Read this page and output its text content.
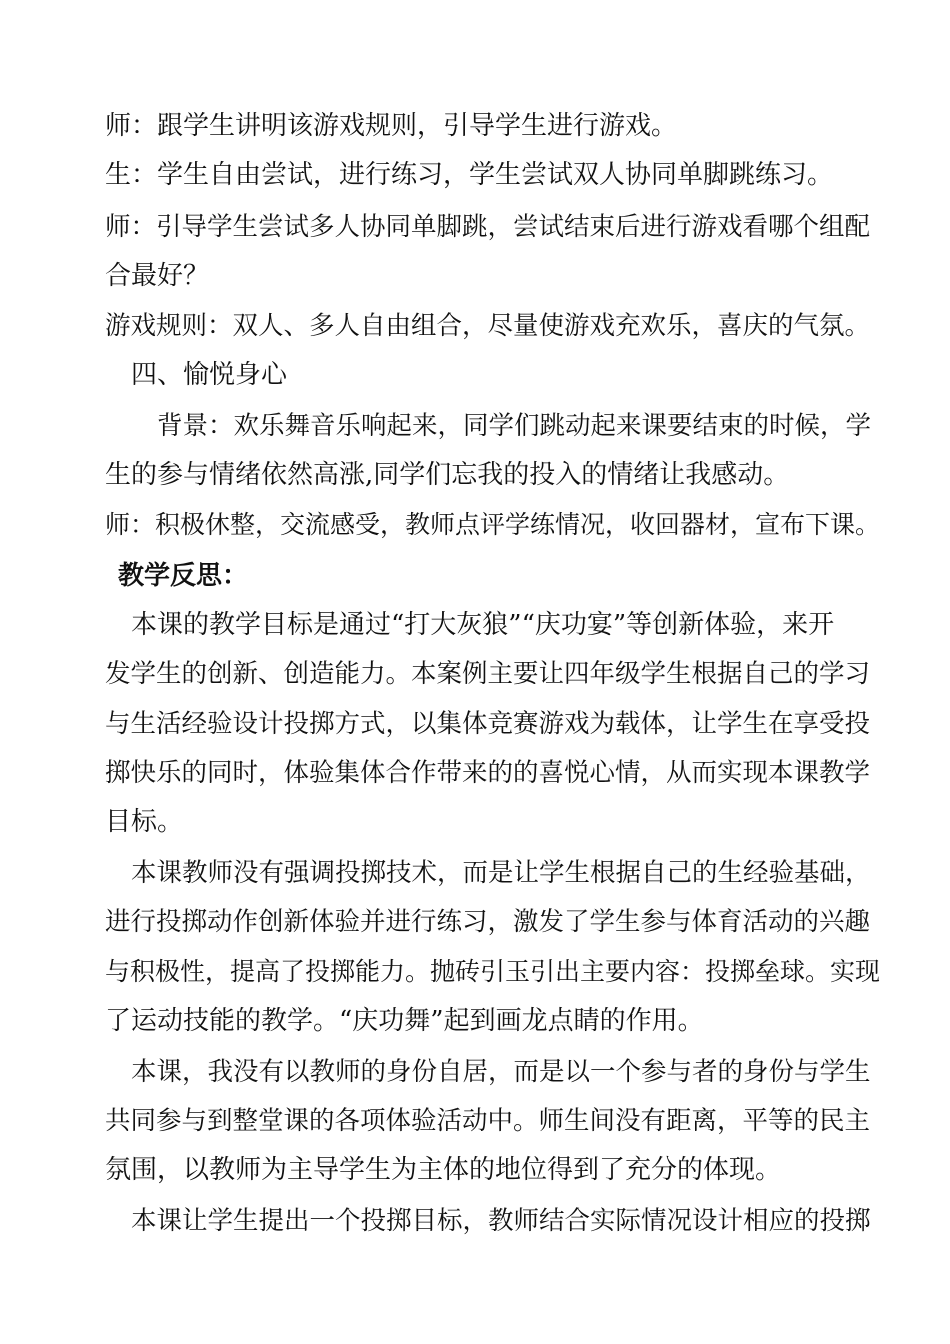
师：跟学生讲明该游戏规则，引导学生进行游戏。
生：学生自由尝试，进行练习，学生尝试双人协同单脚跳练习。
师：引导学生尝试多人协同单脚跳，尝试结束后进行游戏看哪个组配
合最好？
游戏规则：双人、多人自由组合，尽量使游戏充欢乐，喜庆的气氛。
四、愉悦身心
背景：欢乐舞音乐响起来，同学们跳动起来课要结束的时候，学
生的参与情绪依然高涨,同学们忘我的投入的情绪让我感动。
师：积极休整，交流感受，教师点评学练情况，收回器材，宣布下课。
教学反思：
本课的教学目标是通过“打大灰狼”“庆功宴”等创新体验，来开
发学生的创新、创造能力。本案例主要让四年级学生根据自己的学习
与生活经验设计投掷方式，以集体竞赛游戏为载体，让学生在享受投
掷快乐的同时，体验集体合作带来的的喜悦心情，从而实现本课教学
目标。
本课教师没有强调投掷技术，而是让学生根据自己的生经验基础，
进行投掷动作创新体验并进行练习，激发了学生参与体育活动的兴趣
与积极性，提高了投掷能力。抛砖引玉引出主要内容：投掷垒球。实现
了运动技能的教学。“庆功舞”起到画龙点睛的作用。
本课，我没有以教师的身份自居，而是以一个参与者的身份与学生
共同参与到整堂课的各项体验活动中。师生间没有距离，平等的民主
氛围，以教师为主导学生为主体的地位得到了充分的体现。
本课让学生提出一个投掷目标，教师结合实际情况设计相应的投掷
